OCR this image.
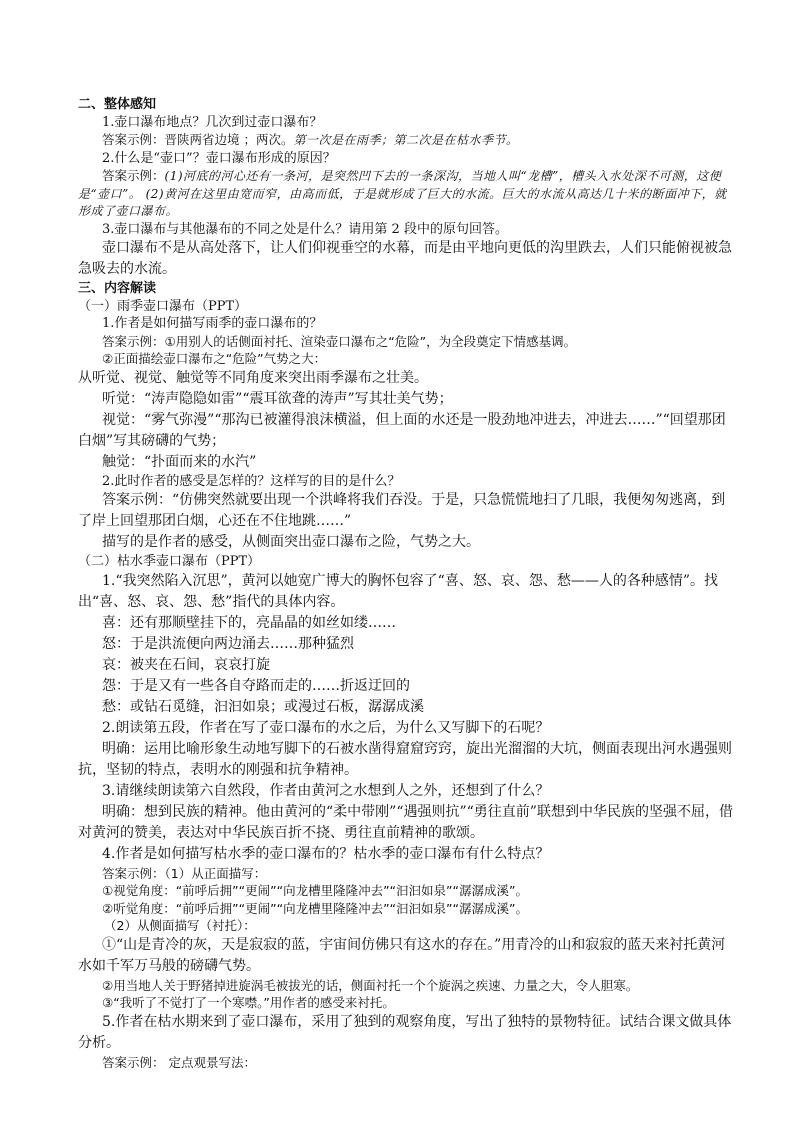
二、整体感知

1.壶口瀑布地点？几次到过壶口瀑布？

答案示例：晋陕两省边境 ；两次。第一次是在雨季；第二次是在枯水季节。

2.什么是“壶口”？壶口瀑布形成的原因？

答案示例：(1)河底的河心还有一条河，是突然凹下去的一条深沟，当地人叫“龙槽”，槽头入水处深不可测，这便是“壶口”。 (2)黄河在这里由宽而窄，由高而低，于是就形成了巨大的水流。巨大的水流从高达几十米的断面冲下，就形成了壶口瀑布。

3.壶口瀑布与其他瀑布的不同之处是什么？请用第 2 段中的原句回答。

壶口瀑布不是从高处落下，让人们仰视垂空的水幕，而是由平地向更低的沟里跌去，人们只能俯视被急急吸去的水流。

三、内容解读

（一）雨季壶口瀑布（PPT）

1.作者是如何描写雨季的壶口瀑布的？

答案示例：①用别人的话侧面衬托、渲染壶口瀑布之“危险”，为全段奠定下情感基调。

②正面描绘壶口瀑布之“危险”气势之大：

从听觉、视觉、触觉等不同角度来突出雨季瀑布之壮美。

听觉：“涛声隐隐如雷”“震耳欲聋的涛声”写其壮美气势；

视觉：“雾气弥漫”“那沟已被灌得浪沫横溢，但上面的水还是一股劲地冲进去，冲进去……”“回望那团白烟”写其磅礴的气势；

触觉：“扑面而来的水汽”

2.此时作者的感受是怎样的？这样写的目的是什么？

答案示例：“仿佛突然就要出现一个洪峰将我们吞没。于是，只急慌慌地扫了几眼，我便匆匆逃离，到了岸上回望那团白烟，心还在不住地跳……”

描写的是作者的感受，从侧面突出壶口瀑布之险，气势之大。

（二）枯水季壶口瀑布（PPT）

1.“我突然陷入沉思”，黄河以她宽广博大的胸怀包容了“喜、怒、哀、怨、愁——人的各种感情”。找出“喜、怒、哀、怨、愁”指代的具体内容。

喜：还有那顺壁挂下的，亮晶晶的如丝如缕……

怒：于是洪流便向两边涌去……那种猛烈

哀：被夹在石间，哀哀打旋

怨：于是又有一些各自夺路而走的……折返迂回的

愁：或钻石觅缝，汩汩如泉；或漫过石板，潺潺成溪

2.朗读第五段，作者在写了壶口瀑布的水之后，为什么又写脚下的石呢？

明确：运用比喻形象生动地写脚下的石被水凿得窟窟窍窍，旋出光溜溜的大坑，侧面表现出河水遇强则抗，坚韧的特点，表明水的刚强和抗争精神。

3.请继续朗读第六自然段，作者由黄河之水想到人之外，还想到了什么？

明确：想到民族的精神。他由黄河的“柔中带刚”“遇强则抗”“勇往直前”联想到中华民族的坚强不屈，借对黄河的赞美，表达对中华民族百折不挠、勇往直前精神的歌颂。

4.作者是如何描写枯水季的壶口瀑布的？枯水季的壶口瀑布有什么特点？

答案示例：（1）从正面描写：

①视觉角度：“前呼后拥”“更闹”“向龙槽里隆隆冲去”“汩汩如泉”“潺潺成溪”。

②听觉角度：“前呼后拥”“更闹”“向龙槽里隆隆冲去”“汩汩如泉”“潺潺成溪”。

（2）从侧面描写（衬托）：

①“山是青冷的灰，天是寂寂的蓝，宇宙间仿佛只有这水的存在。”用青冷的山和寂寂的蓝天来衬托黄河水如千军万马般的磅礴气势。

②用当地人关于野猪掉进旋涡毛被拔光的话，侧面衬托一个个旋涡之疾速、力量之大，令人胆寒。

③“我听了不觉打了一个寒噤。”用作者的感受来衬托。

5.作者在枯水期来到了壶口瀑布，采用了独到的观察角度，写出了独特的景物特征。试结合课文做具体分析。

答案示例： 定点观景写法：
